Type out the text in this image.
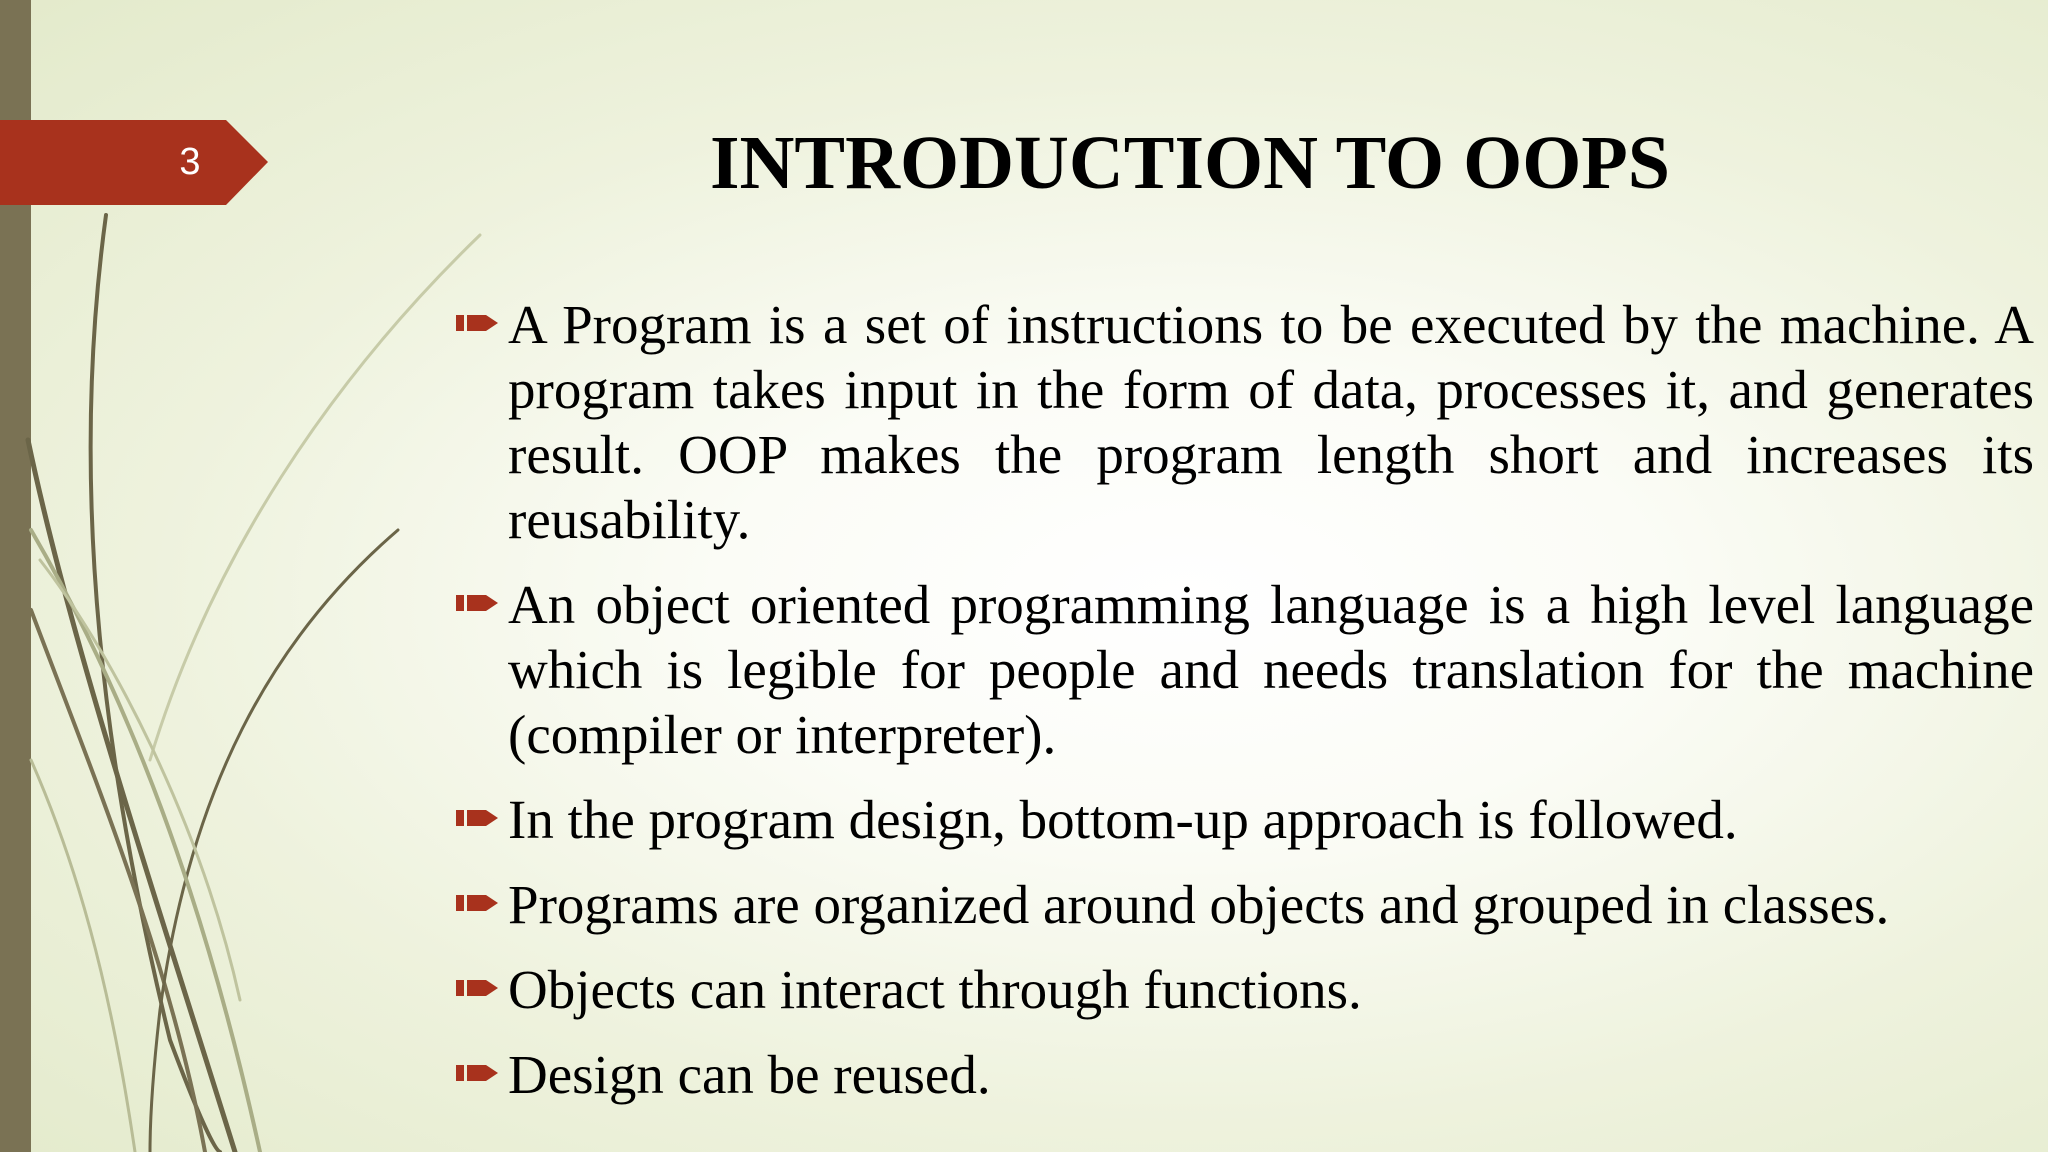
3	INTRODUCTION TO OOPS
A Program is a set of instructions to be executed by the machine. A program takes input in the form of data, processes it, and generates result. OOP makes the program length short and increases its reusability.
An object oriented programming language is a high level language which is legible for people and needs translation for the machine (compiler or interpreter).
In the program design, bottom-up approach is followed.
Programs are organized around objects and grouped in classes.
Objects can interact through functions.
Design can be reused.
